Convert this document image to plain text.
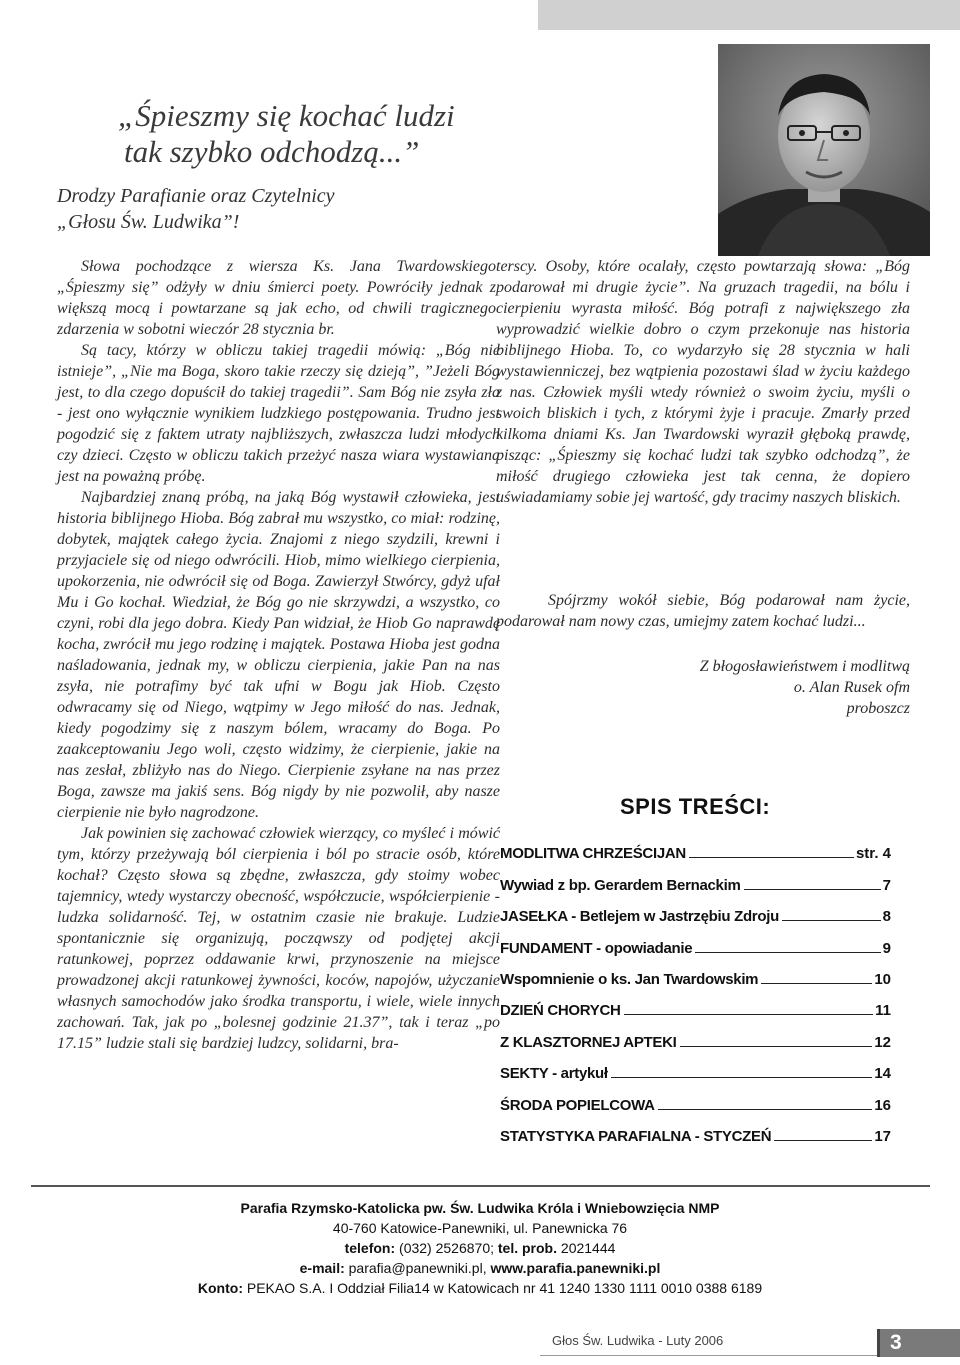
„Śpieszmy się kochać ludzi
tak szybko odchodzą...”
Drodzy Parafianie oraz Czytelnicy
„Głosu Św. Ludwika”!

Słowa pochodzące z wiersza Ks. Jana Twardowskiego „Śpieszmy się” odżyły w dniu śmierci poety. Powróciły jednak z większą mocą i powtarzane są jak echo, od chwili tragicznego zdarzenia w sobotni wieczór 28 stycznia br.

Są tacy, którzy w obliczu takiej tragedii mówią: „Bóg nie istnieje”, „Nie ma Boga, skoro takie rzeczy się dzieją”, ”Jeżeli Bóg jest, to dla czego dopuścił do takiej tragedii”. Sam Bóg nie zsyła zła - jest ono wyłącznie wynikiem ludzkiego postępowania. Trudno jest pogodzić się z faktem utraty najbliższych, zwłaszcza ludzi młodych czy dzieci. Często w obliczu takich przeżyć nasza wiara wystawiana jest na poważną próbę.

Najbardziej znaną próbą, na jaką Bóg wystawił człowieka, jest historia biblijnego Hioba. Bóg zabrał mu wszystko, co miał: rodzinę, dobytek, majątek całego życia. Znajomi z niego szydzili, krewni i przyjaciele się od niego odwrócili. Hiob, mimo wielkiego cierpienia, upokorzenia, nie odwrócił się od Boga. Zawierzył Stwórcy, gdyż ufał Mu i Go kochał. Wiedział, że Bóg go nie skrzywdzi, a wszystko, co czyni, robi dla jego dobra. Kiedy Pan widział, że Hiob Go naprawdę kocha, zwrócił mu jego rodzinę i majątek. Postawa Hioba jest godna naśladowania, jednak my, w obliczu cierpienia, jakie Pan na nas zsyła, nie potrafimy być tak ufni w Bogu jak Hiob. Często odwracamy się od Niego, wątpimy w Jego miłość do nas. Jednak, kiedy pogodzimy się z naszym bólem, wracamy do Boga. Po zaakceptowaniu Jego woli, często widzimy, że cierpienie, jakie na nas zesłał, zbliżyło nas do Niego. Cierpienie zsyłane na nas przez Boga, zawsze ma jakiś sens. Bóg nigdy by nie pozwolił, aby nasze cierpienie nie było nagrodzone.

Jak powinien się zachować człowiek wierzący, co myśleć i mówić tym, którzy przeżywają ból cierpienia i ból po stracie osób, które kochał? Często słowa są zbędne, zwłaszcza, gdy stoimy wobec tajemnicy, wtedy wystarczy obecność, współczucie, współcierpienie - ludzka solidarność. Tej, w ostatnim czasie nie brakuje. Ludzie spontanicznie się organizują, począwszy od podjętej akcji ratunkowej, poprzez oddawanie krwi, przynoszenie na miejsce prowadzonej akcji ratunkowej żywności, koców, napojów, użyczanie własnych samochodów jako środka transportu, i wiele, wiele innych zachowań. Tak, jak po „bolesnej godzinie 21.37”, tak i teraz „po 17.15” ludzie stali się bardziej ludzcy, solidarni, bra-

terscy. Osoby, które ocalały, często powtarzają słowa: „Bóg podarował mi drugie życie”. Na gruzach tragedii, na bólu i cierpieniu wyrasta miłość. Bóg potrafi z największego zła wyprowadzić wielkie dobro o czym przekonuje nas historia biblijnego Hioba. To, co wydarzyło się 28 stycznia w hali wystawienniczej, bez wątpienia pozostawi ślad w życiu każdego z nas. Człowiek myśli wtedy również o swoim życiu, myśli o swoich bliskich i tych, z którymi żyje i pracuje. Zmarły przed kilkoma dniami Ks. Jan Twardowski wyraził głęboką prawdę, pisząc: „Śpieszmy się kochać ludzi tak szybko odchodzą”, że miłość drugiego człowieka jest tak cenna, że dopiero uświadamiamy sobie jej wartość, gdy tracimy naszych bliskich.

Spójrzmy wokół siebie, Bóg podarował nam życie, podarował nam nowy czas, umiejmy zatem kochać ludzi...

Z błogosławieństwem i modlitwą
o. Alan Rusek ofm
proboszcz
SPIS TREŚCI:
MODLITWA CHRZEŚCIJAN	str. 4
Wywiad z bp. Gerardem Bernackim	7
JASEŁKA - Betlejem w Jastrzębiu Zdroju	8
FUNDAMENT - opowiadanie	9
Wspomnienie o ks. Jan Twardowskim	10
DZIEŃ CHORYCH	11
Z KLASZTORNEJ APTEKI	12
SEKTY - artykuł	14
ŚRODA POPIELCOWA	16
STATYSTYKA PARAFIALNA - STYCZEŃ	17
Parafia Rzymsko-Katolicka pw. Św. Ludwika Króla i Wniebowzięcia NMP
40-760 Katowice-Panewniki, ul. Panewnicka 76
telefon: (032) 2526870; tel. prob. 2021444
e-mail: parafia@panewniki.pl, www.parafia.panewniki.pl
Konto: PEKAO S.A. I Oddział Filia14 w Katowicach nr 41 1240 1330 1111 0010 0388 6189
Głos Św. Ludwika - Luty 2006	3
